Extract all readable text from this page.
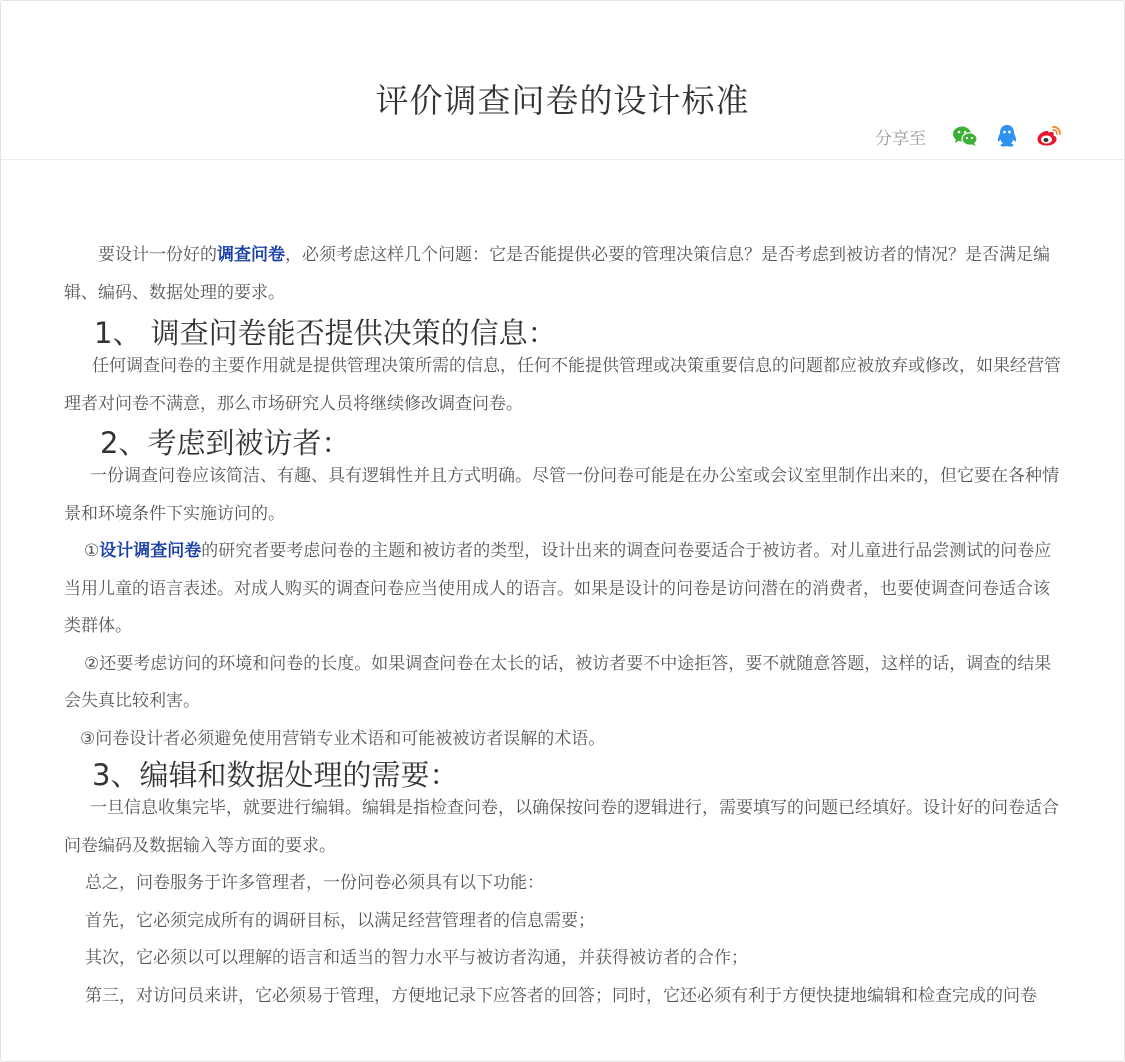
评价调查问卷的设计标准
分享至

要设计一份好的调查问卷，必须考虑这样几个问题：它是否能提供必要的管理决策信息？是否考虑到被访者的情况？是否满足编辑、编码、数据处理的要求。

1、 调查问卷能否提供决策的信息：

任何调查问卷的主要作用就是提供管理决策所需的信息，任何不能提供管理或决策重要信息的问题都应被放弃或修改，如果经营管理者对问卷不满意，那么市场研究人员将继续修改调查问卷。

2、考虑到被访者：

一份调查问卷应该简洁、有趣、具有逻辑性并且方式明确。尽管一份问卷可能是在办公室或会议室里制作出来的，但它要在各种情景和环境条件下实施访问的。

①设计调查问卷的研究者要考虑问卷的主题和被访者的类型，设计出来的调查问卷要适合于被访者。对儿童进行品尝测试的问卷应当用儿童的语言表述。对成人购买的调查问卷应当使用成人的语言。如果是设计的问卷是访问潜在的消费者，也要使调查问卷适合该类群体。

②还要考虑访问的环境和问卷的长度。如果调查问卷在太长的话，被访者要不中途拒答，要不就随意答题，这样的话，调查的结果会失真比较利害。

③问卷设计者必须避免使用营销专业术语和可能被被访者误解的术语。

3、编辑和数据处理的需要：

一旦信息收集完毕，就要进行编辑。编辑是指检查问卷，以确保按问卷的逻辑进行，需要填写的问题已经填好。设计好的问卷适合问卷编码及数据输入等方面的要求。

总之，问卷服务于许多管理者，一份问卷必须具有以下功能：

首先，它必须完成所有的调研目标，以满足经营管理者的信息需要；

其次，它必须以可以理解的语言和适当的智力水平与被访者沟通，并获得被访者的合作；

第三，对访问员来讲，它必须易于管理，方便地记录下应答者的回答；同时，它还必须有利于方便快捷地编辑和检查完成的问卷
